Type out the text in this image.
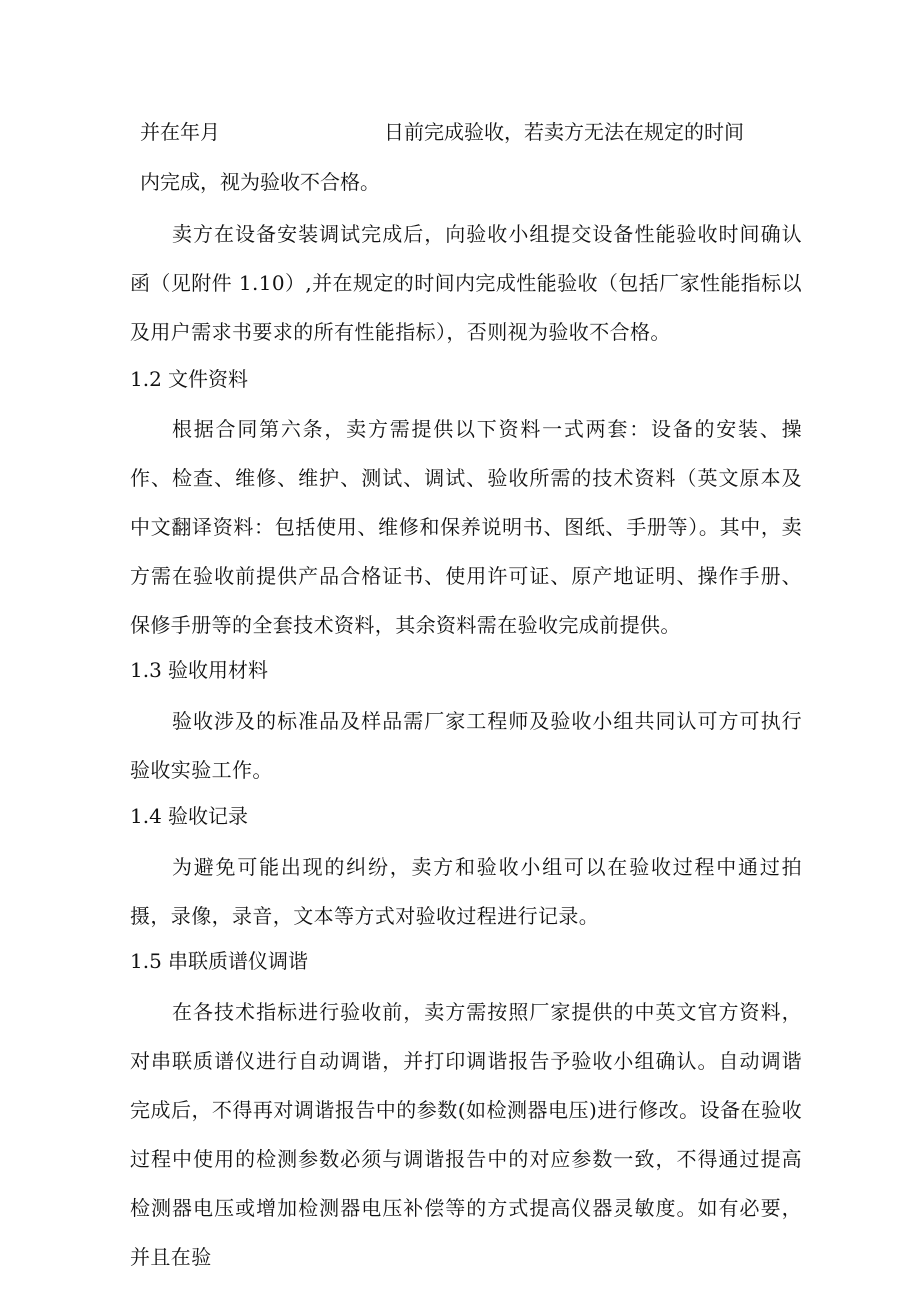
并在年月	日前完成验收，若卖方无法在规定的时间
内完成，视为验收不合格。

卖方在设备安装调试完成后，向验收小组提交设备性能验收时间确认函（见附件 1.10）,并在规定的时间内完成性能验收（包括厂家性能指标以及用户需求书要求的所有性能指标），否则视为验收不合格。

1.2 文件资料

根据合同第六条，卖方需提供以下资料一式两套：设备的安装、操作、检查、维修、维护、测试、调试、验收所需的技术资料（英文原本及中文翻译资料：包括使用、维修和保养说明书、图纸、手册等）。其中，卖方需在验收前提供产品合格证书、使用许可证、原产地证明、操作手册、保修手册等的全套技术资料，其余资料需在验收完成前提供。

1.3 验收用材料

验收涉及的标准品及样品需厂家工程师及验收小组共同认可方可执行验收实验工作。

1.4 验收记录

为避免可能出现的纠纷，卖方和验收小组可以在验收过程中通过拍摄，录像，录音，文本等方式对验收过程进行记录。

1.5 串联质谱仪调谐

在各技术指标进行验收前，卖方需按照厂家提供的中英文官方资料，对串联质谱仪进行自动调谐，并打印调谐报告予验收小组确认。自动调谐完成后，不得再对调谐报告中的参数(如检测器电压)进行修改。设备在验收过程中使用的检测参数必须与调谐报告中的对应参数一致，不得通过提高检测器电压或增加检测器电压补偿等的方式提高仪器灵敏度。如有必要，并且在验
